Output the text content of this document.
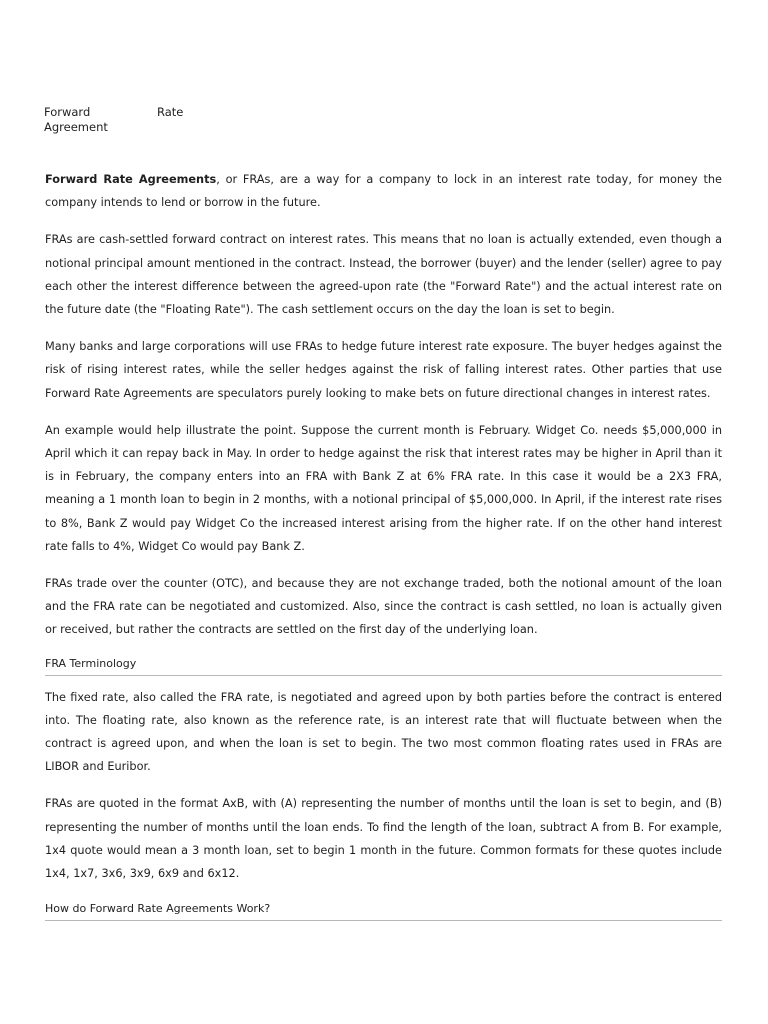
Forward	Rate
Agreement

Forward Rate Agreements, or FRAs, are a way for a company to lock in an interest rate today, for money the company intends to lend or borrow in the future.

FRAs are cash-settled forward contract on interest rates. This means that no loan is actually extended, even though a notional principal amount mentioned in the contract. Instead, the borrower (buyer) and the lender (seller) agree to pay each other the interest difference between the agreed-upon rate (the "Forward Rate") and the actual interest rate on the future date (the "Floating Rate"). The cash settlement occurs on the day the loan is set to begin.

Many banks and large corporations will use FRAs to hedge future interest rate exposure. The buyer hedges against the risk of rising interest rates, while the seller hedges against the risk of falling interest rates. Other parties that use Forward Rate Agreements are speculators purely looking to make bets on future directional changes in interest rates.

An example would help illustrate the point. Suppose the current month is February. Widget Co. needs $5,000,000 in April which it can repay back in May. In order to hedge against the risk that interest rates may be higher in April than it is in February, the company enters into an FRA with Bank Z at 6% FRA rate. In this case it would be a 2X3 FRA, meaning a 1 month loan to begin in 2 months, with a notional principal of $5,000,000. In April, if the interest rate rises to 8%, Bank Z would pay Widget Co the increased interest arising from the higher rate. If on the other hand interest rate falls to 4%, Widget Co would pay Bank Z.

FRAs trade over the counter (OTC), and because they are not exchange traded, both the notional amount of the loan and the FRA rate can be negotiated and customized. Also, since the contract is cash settled, no loan is actually given or received, but rather the contracts are settled on the first day of the underlying loan.

FRA Terminology

The fixed rate, also called the FRA rate, is negotiated and agreed upon by both parties before the contract is entered into. The floating rate, also known as the reference rate, is an interest rate that will fluctuate between when the contract is agreed upon, and when the loan is set to begin. The two most common floating rates used in FRAs are LIBOR and Euribor.

FRAs are quoted in the format AxB, with (A) representing the number of months until the loan is set to begin, and (B) representing the number of months until the loan ends. To find the length of the loan, subtract A from B. For example, 1x4 quote would mean a 3 month loan, set to begin 1 month in the future. Common formats for these quotes include 1x4, 1x7, 3x6, 3x9, 6x9 and 6x12.

How do Forward Rate Agreements Work?
